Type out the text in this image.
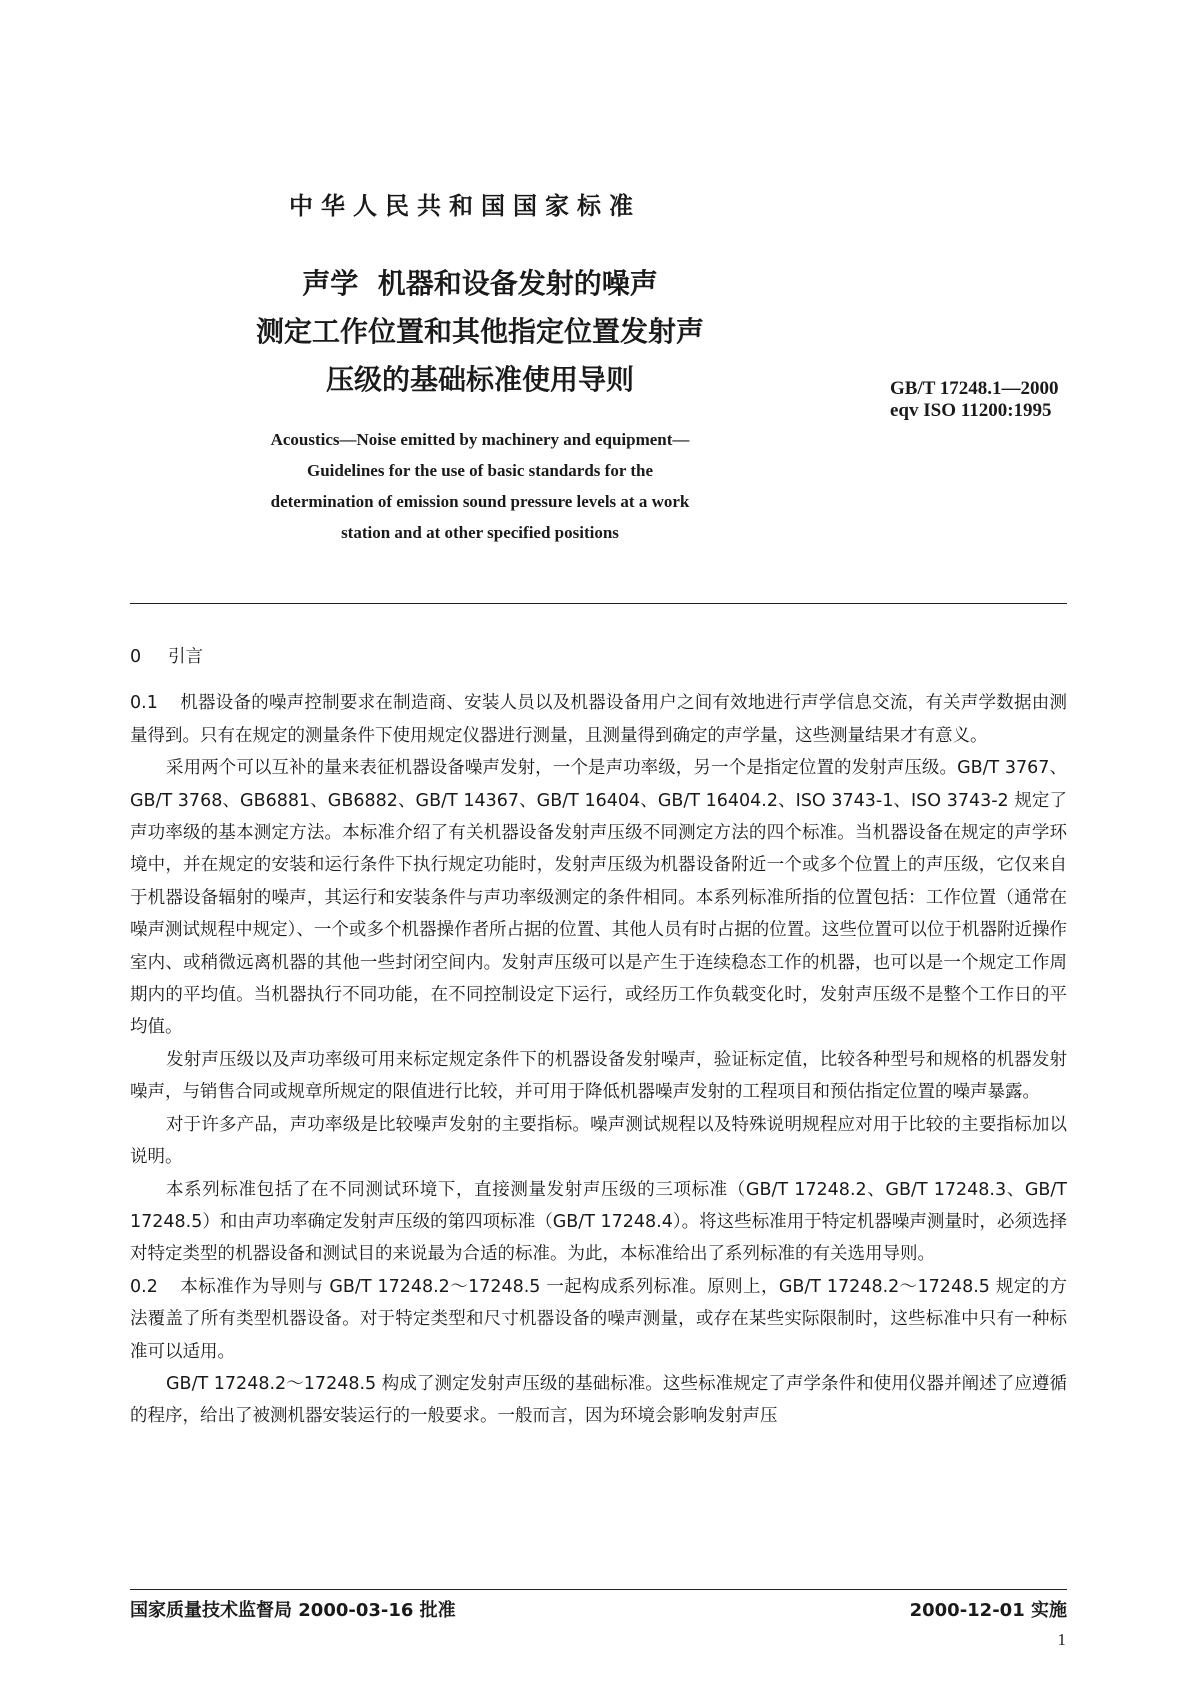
中华人民共和国国家标准
声学  机器和设备发射的噪声
测定工作位置和其他指定位置发射声
压级的基础标准使用导则	GB/T 17248.1—2000
eqv ISO 11200:1995
Acoustics—Noise emitted by machinery and equipment—
Guidelines for the use of basic standards for the
determination of emission sound pressure levels at a work
station and at other specified positions

0 引言

0.1 机器设备的噪声控制要求在制造商、安装人员以及机器设备用户之间有效地进行声学信息交流，有关声学数据由测量得到。只有在规定的测量条件下使用规定仪器进行测量，且测量得到确定的声学量，这些测量结果才有意义。

采用两个可以互补的量来表征机器设备噪声发射，一个是声功率级，另一个是指定位置的发射声压级。GB/T 3767、GB/T 3768、GB6881、GB6882、GB/T 14367、GB/T 16404、GB/T 16404.2、ISO 3743-1、ISO 3743-2 规定了声功率级的基本测定方法。本标准介绍了有关机器设备发射声压级不同测定方法的四个标准。当机器设备在规定的声学环境中，并在规定的安装和运行条件下执行规定功能时，发射声压级为机器设备附近一个或多个位置上的声压级，它仅来自于机器设备辐射的噪声，其运行和安装条件与声功率级测定的条件相同。本系列标准所指的位置包括：工作位置（通常在噪声测试规程中规定）、一个或多个机器操作者所占据的位置、其他人员有时占据的位置。这些位置可以位于机器附近操作室内、或稍微远离机器的其他一些封闭空间内。发射声压级可以是产生于连续稳态工作的机器，也可以是一个规定工作周期内的平均值。当机器执行不同功能，在不同控制设定下运行，或经历工作负载变化时，发射声压级不是整个工作日的平均值。

发射声压级以及声功率级可用来标定规定条件下的机器设备发射噪声，验证标定值，比较各种型号和规格的机器发射噪声，与销售合同或规章所规定的限值进行比较，并可用于降低机器噪声发射的工程项目和预估指定位置的噪声暴露。

对于许多产品，声功率级是比较噪声发射的主要指标。噪声测试规程以及特殊说明规程应对用于比较的主要指标加以说明。

本系列标准包括了在不同测试环境下，直接测量发射声压级的三项标准（GB/T 17248.2、GB/T 17248.3、GB/T 17248.5）和由声功率确定发射声压级的第四项标准（GB/T 17248.4）。将这些标准用于特定机器噪声测量时，必须选择对特定类型的机器设备和测试目的来说最为合适的标准。为此，本标准给出了系列标准的有关选用导则。

0.2 本标准作为导则与 GB/T 17248.2～17248.5 一起构成系列标准。原则上，GB/T 17248.2～17248.5 规定的方法覆盖了所有类型机器设备。对于特定类型和尺寸机器设备的噪声测量，或存在某些实际限制时，这些标准中只有一种标准可以适用。

GB/T 17248.2～17248.5 构成了测定发射声压级的基础标准。这些标准规定了声学条件和使用仪器并阐述了应遵循的程序，给出了被测机器安装运行的一般要求。一般而言，因为环境会影响发射声压

国家质量技术监督局 2000-03-16 批准	2000-12-01 实施
1
